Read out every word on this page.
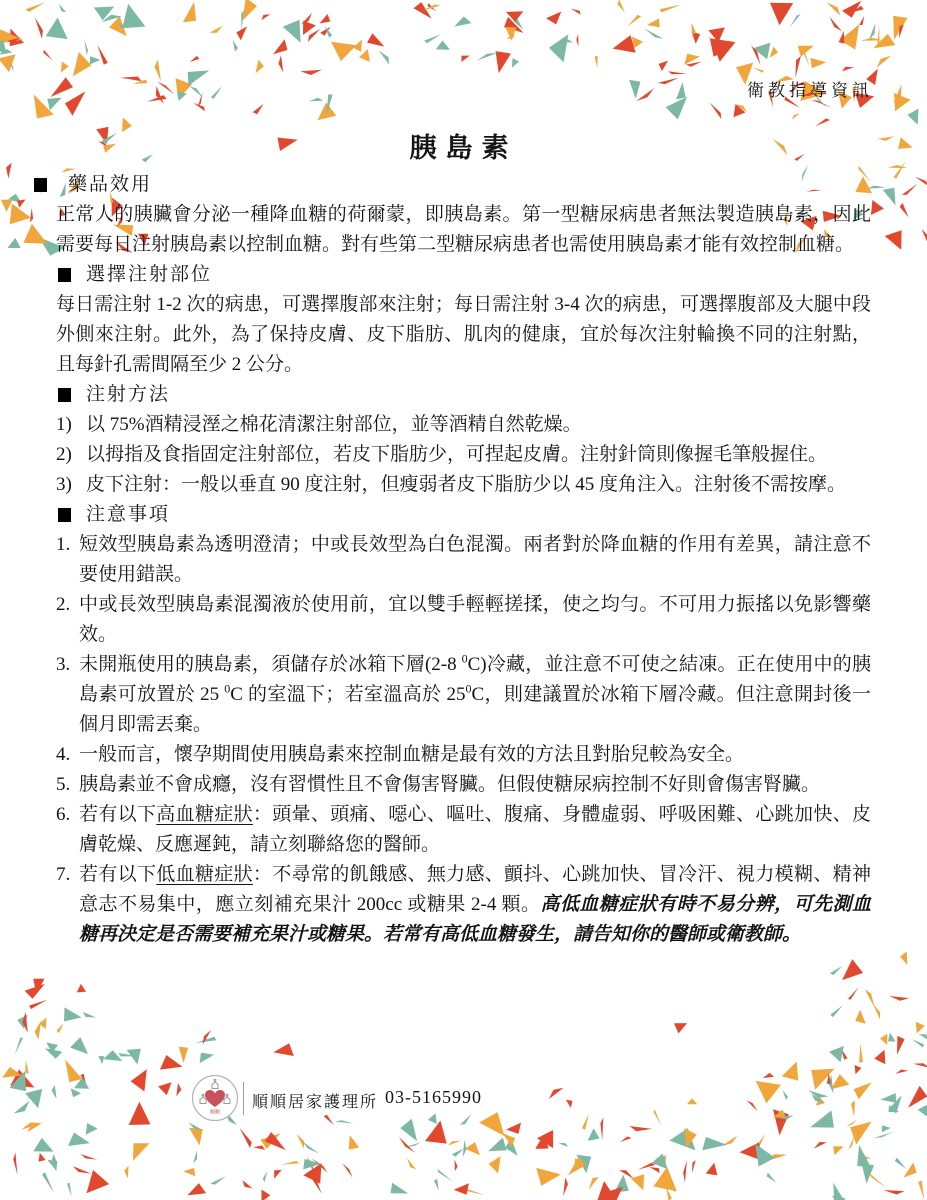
衛教指導資訊
胰島素
藥品效用
正常人的胰臟會分泌一種降血糖的荷爾蒙，即胰島素。第一型糖尿病患者無法製造胰島素，因此需要每日注射胰島素以控制血糖。對有些第二型糖尿病患者也需使用胰島素才能有效控制血糖。
選擇注射部位
每日需注射 1-2 次的病患，可選擇腹部來注射；每日需注射 3-4 次的病患，可選擇腹部及大腿中段外側來注射。此外，為了保持皮膚、皮下脂肪、肌肉的健康，宜於每次注射輪換不同的注射點，且每針孔需間隔至少 2 公分。
注射方法
1) 以 75%酒精浸溼之棉花清潔注射部位，並等酒精自然乾燥。
2) 以拇指及食指固定注射部位，若皮下脂肪少，可捏起皮膚。注射針筒則像握毛筆般握住。
3) 皮下注射：一般以垂直 90 度注射，但瘦弱者皮下脂肪少以 45 度角注入。注射後不需按摩。
注意事項
1. 短效型胰島素為透明澄清；中或長效型為白色混濁。兩者對於降血糖的作用有差異，請注意不要使用錯誤。
2. 中或長效型胰島素混濁液於使用前，宜以雙手輕輕搓揉，使之均勻。不可用力振搖以免影響藥效。
3. 未開瓶使用的胰島素，須儲存於冰箱下層(2-8 $^0$C)冷藏，並注意不可使之結凍。正在使用中的胰島素可放置於 25 $^0$C 的室溫下；若室溫高於 $25^0C$，則建議置於冰箱下層冷藏。但注意開封後一個月即需丟棄。
4. 一般而言，懷孕期間使用胰島素來控制血糖是最有效的方法且對胎兒較為安全。
5. 胰島素並不會成癮，沒有習慣性且不會傷害腎臟。但假使糖尿病控制不好則會傷害腎臟。
6. 若有以下高血糖症狀：頭暈、頭痛、噁心、嘔吐、腹痛、身體虛弱、呼吸困難、心跳加快、皮膚乾燥、反應遲鈍，請立刻聯絡您的醫師。
7. 若有以下低血糖症狀：不尋常的飢餓感、無力感、顫抖、心跳加快、冒冷汗、視力模糊、精神意志不易集中，應立刻補充果汁 200cc 或糖果 2-4 顆。高低血糖症狀有時不易分辨，可先測血糖再決定是否需要補充果汁或糖果。若常有高低血糖發生，請告知你的醫師或衛教師。
順順
順順居家護理所 03-5165990
